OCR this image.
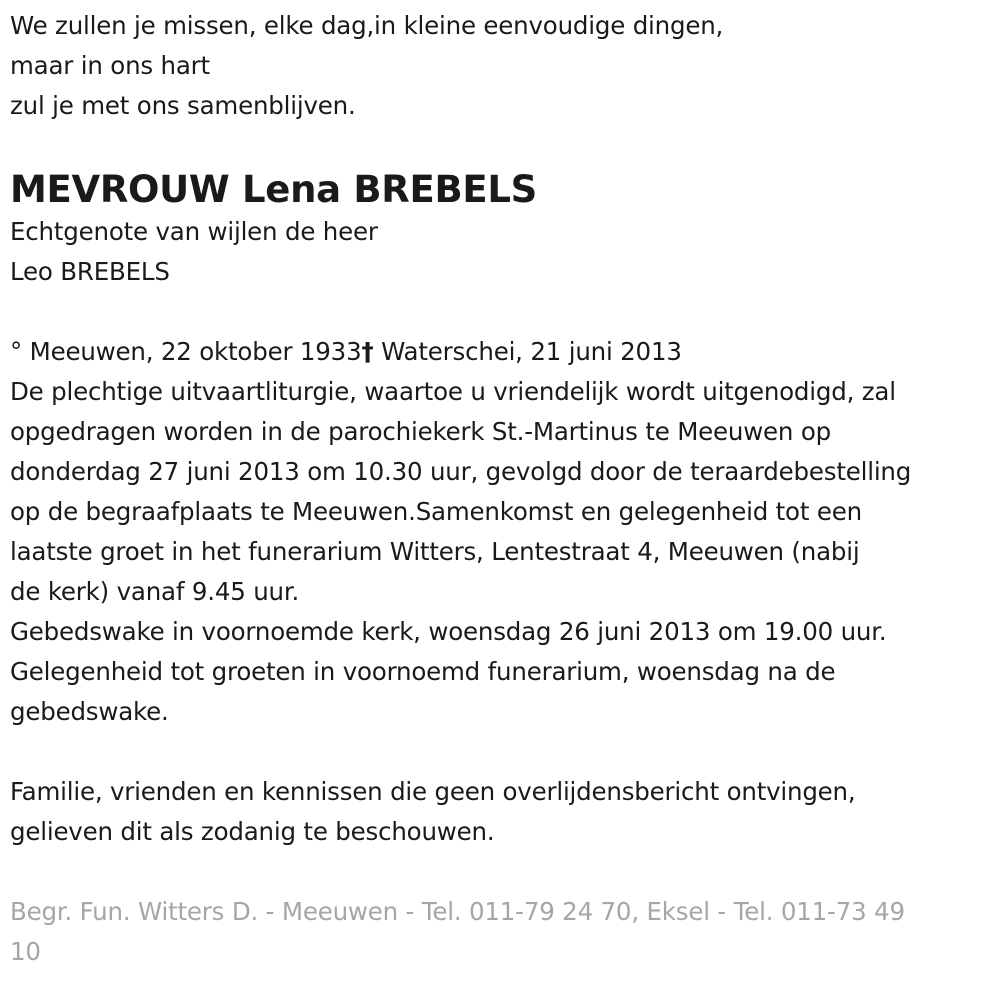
We zullen je missen, elke dag,in kleine eenvoudige dingen,
maar in ons hart
zul je met ons samenblijven.
MEVROUW Lena BREBELS
Echtgenote van wijlen de heer
Leo BREBELS
° Meeuwen, 22 oktober 1933† Waterschei, 21 juni 2013
De plechtige uitvaartliturgie, waartoe u vriendelijk wordt uitgenodigd, zal
opgedragen worden in de parochiekerk St.-Martinus te Meeuwen op
donderdag 27 juni 2013 om 10.30 uur, gevolgd door de teraardebestelling
op de begraafplaats te Meeuwen.Samenkomst en gelegenheid tot een
laatste groet in het funerarium Witters, Lentestraat 4, Meeuwen (nabij
de kerk) vanaf 9.45 uur.
Gebedswake in voornoemde kerk, woensdag 26 juni 2013 om 19.00 uur.
Gelegenheid tot groeten in voornoemd funerarium, woensdag na de
gebedswake.
Familie, vrienden en kennissen die geen overlijdensbericht ontvingen,
gelieven dit als zodanig te beschouwen.
Begr. Fun. Witters D. - Meeuwen - Tel. 011-79 24 70, Eksel - Tel. 011-73 49
10
